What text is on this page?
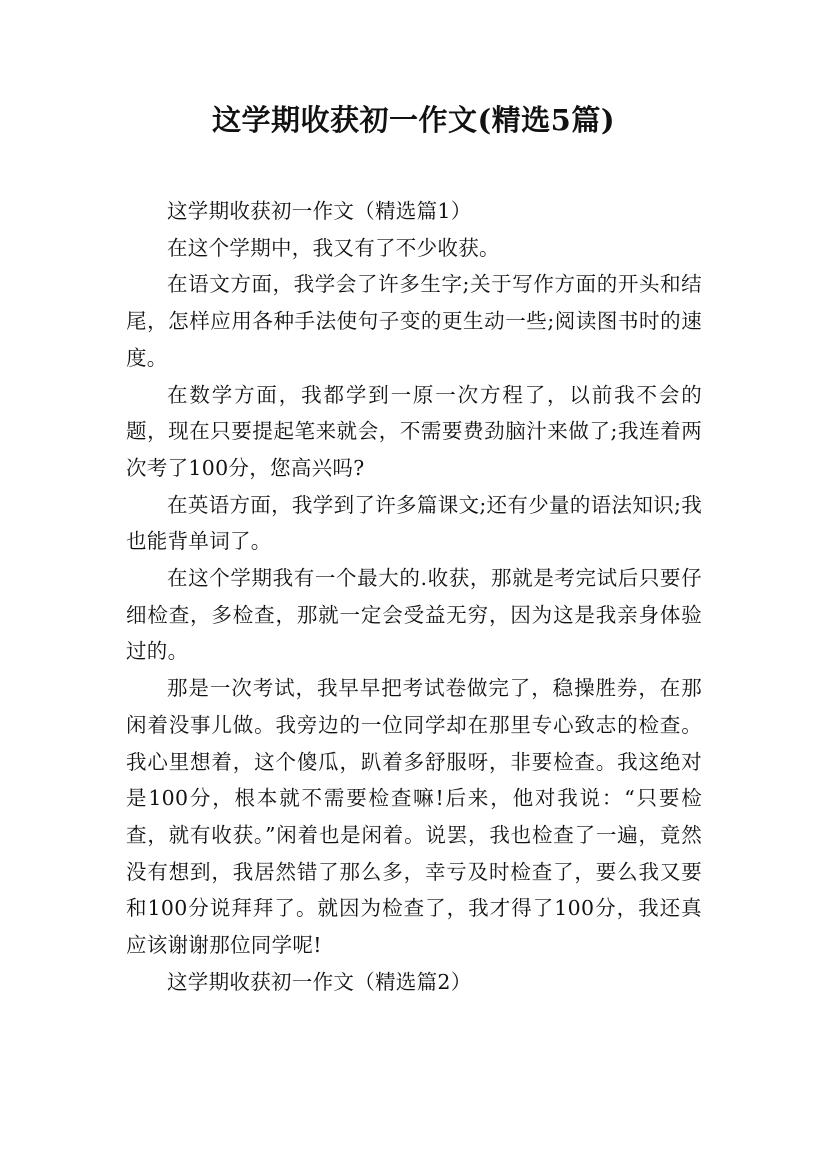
这学期收获初一作文(精选5篇)

这学期收获初一作文（精选篇1）

在这个学期中，我又有了不少收获。

在语文方面，我学会了许多生字;关于写作方面的开头和结尾，怎样应用各种手法使句子变的更生动一些;阅读图书时的速度。

在数学方面，我都学到一原一次方程了，以前我不会的题，现在只要提起笔来就会，不需要费劲脑汁来做了;我连着两次考了100分，您高兴吗?

在英语方面，我学到了许多篇课文;还有少量的语法知识;我也能背单词了。

在这个学期我有一个最大的.收获，那就是考完试后只要仔细检查，多检查，那就一定会受益无穷，因为这是我亲身体验过的。

那是一次考试，我早早把考试卷做完了，稳操胜券，在那闲着没事儿做。我旁边的一位同学却在那里专心致志的检查。我心里想着，这个傻瓜，趴着多舒服呀，非要检查。我这绝对是100分，根本就不需要检查嘛!后来，他对我说：“只要检查，就有收获。”闲着也是闲着。说罢，我也检查了一遍，竟然没有想到，我居然错了那么多，幸亏及时检查了，要么我又要和100分说拜拜了。就因为检查了，我才得了100分，我还真应该谢谢那位同学呢!

这学期收获初一作文（精选篇2）
